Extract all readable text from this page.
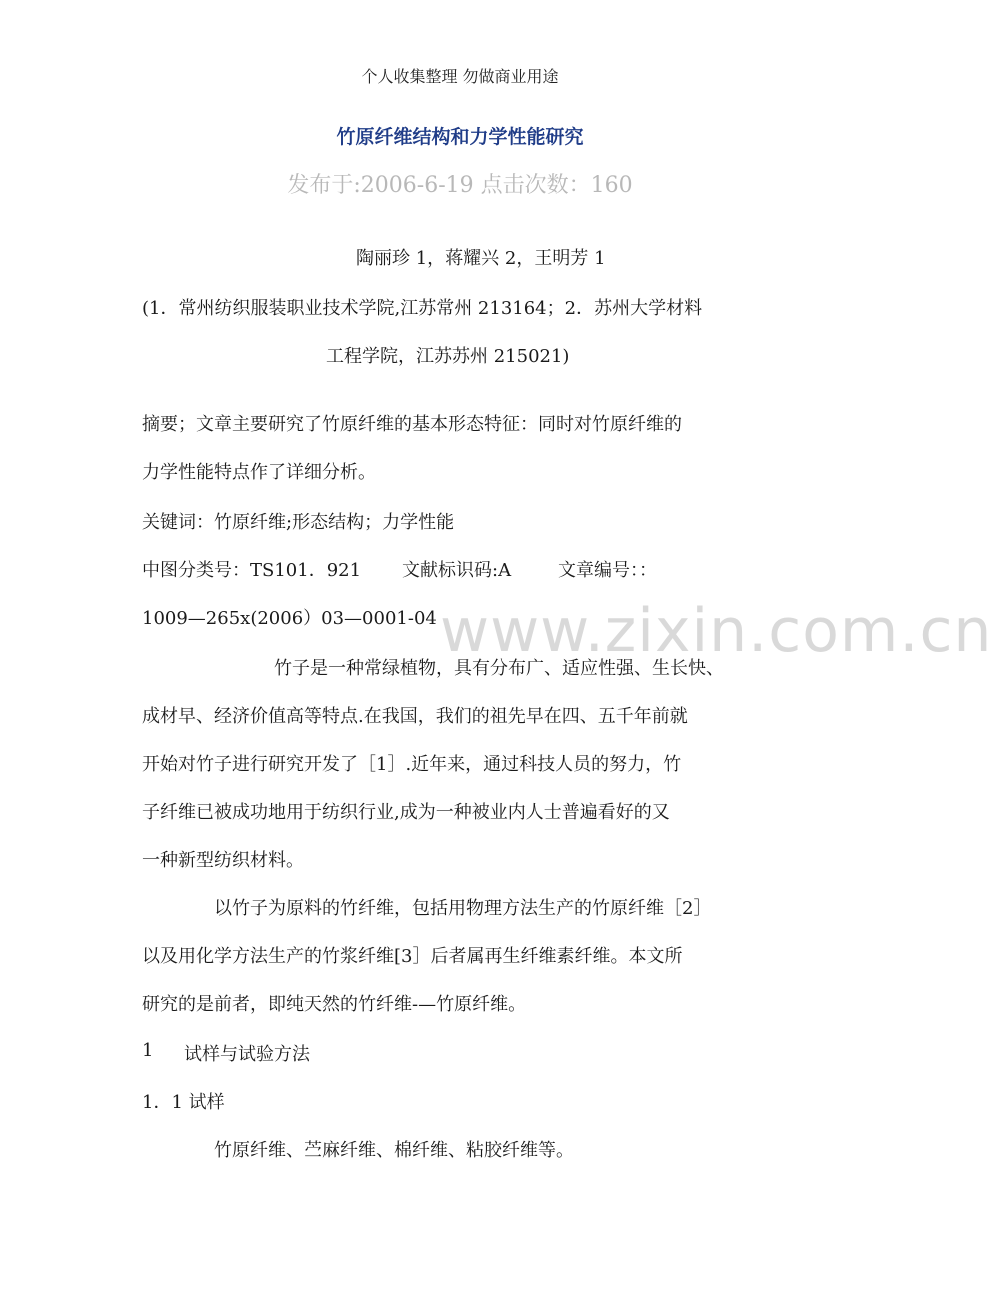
个人收集整理 勿做商业用途
竹原纤维结构和力学性能研究
发布于:2006-6-19 点击次数：160
陶丽珍 1，蒋耀兴 2，王明芳 1
(1．常州纺织服装职业技术学院,江苏常州 213164；2．苏州大学材料
工程学院，江苏苏州 215021)
摘要；文章主要研究了竹原纤维的基本形态特征：同时对竹原纤维的
力学性能特点作了详细分析。
关键词：竹原纤维;形态结构；力学性能
中图分类号：TS101．921 文献标识码:A	文章编号：：
1009—265x(2006）03—0001-04 www.zixin.com.cn
竹子是一种常绿植物，具有分布广、适应性强、生长快、
成材早、经济价值高等特点.在我国，我们的祖先早在四、五千年前就
开始对竹子进行研究开发了［1］.近年来，通过科技人员的努力，竹
子纤维已被成功地用于纺织行业,成为一种被业内人士普遍看好的又
一种新型纺织材料。
以竹子为原料的竹纤维，包括用物理方法生产的竹原纤维［2］
以及用化学方法生产的竹浆纤维[3］后者属再生纤维素纤维。本文所
研究的是前者，即纯天然的竹纤维-—竹原纤维。
1 试样与试验方法
1．1 试样
竹原纤维、苎麻纤维、棉纤维、粘胶纤维等。
